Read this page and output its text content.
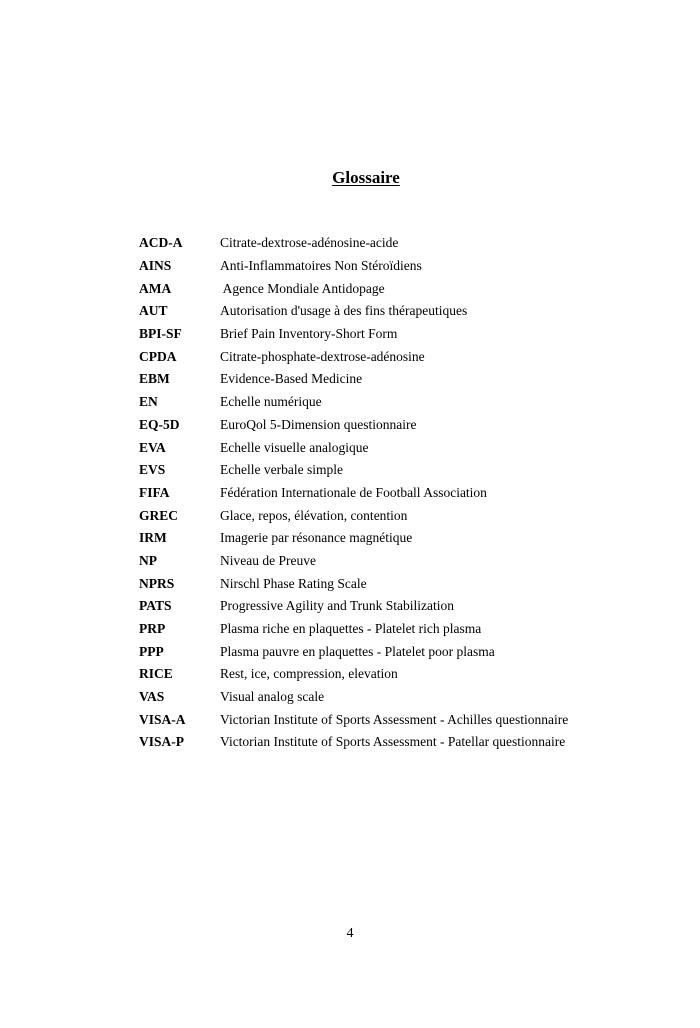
Glossaire
ACD-A	Citrate-dextrose-adénosine-acide
AINS	Anti-Inflammatoires Non Stéroïdiens
AMA	Agence Mondiale Antidopage
AUT	Autorisation d'usage à des fins thérapeutiques
BPI-SF	Brief Pain Inventory-Short Form
CPDA	Citrate-phosphate-dextrose-adénosine
EBM	Evidence-Based Medicine
EN	Echelle numérique
EQ-5D	EuroQol 5-Dimension questionnaire
EVA	Echelle visuelle analogique
EVS	Echelle verbale simple
FIFA	Fédération Internationale de Football Association
GREC	Glace, repos, élévation, contention
IRM	Imagerie par résonance magnétique
NP	Niveau de Preuve
NPRS	Nirschl Phase Rating Scale
PATS	Progressive Agility and Trunk Stabilization
PRP	Plasma riche en plaquettes - Platelet rich plasma
PPP	Plasma pauvre en plaquettes - Platelet poor plasma
RICE	Rest, ice, compression, elevation
VAS	Visual analog scale
VISA-A	Victorian Institute of Sports Assessment - Achilles questionnaire
VISA-P	Victorian Institute of Sports Assessment - Patellar questionnaire
4
